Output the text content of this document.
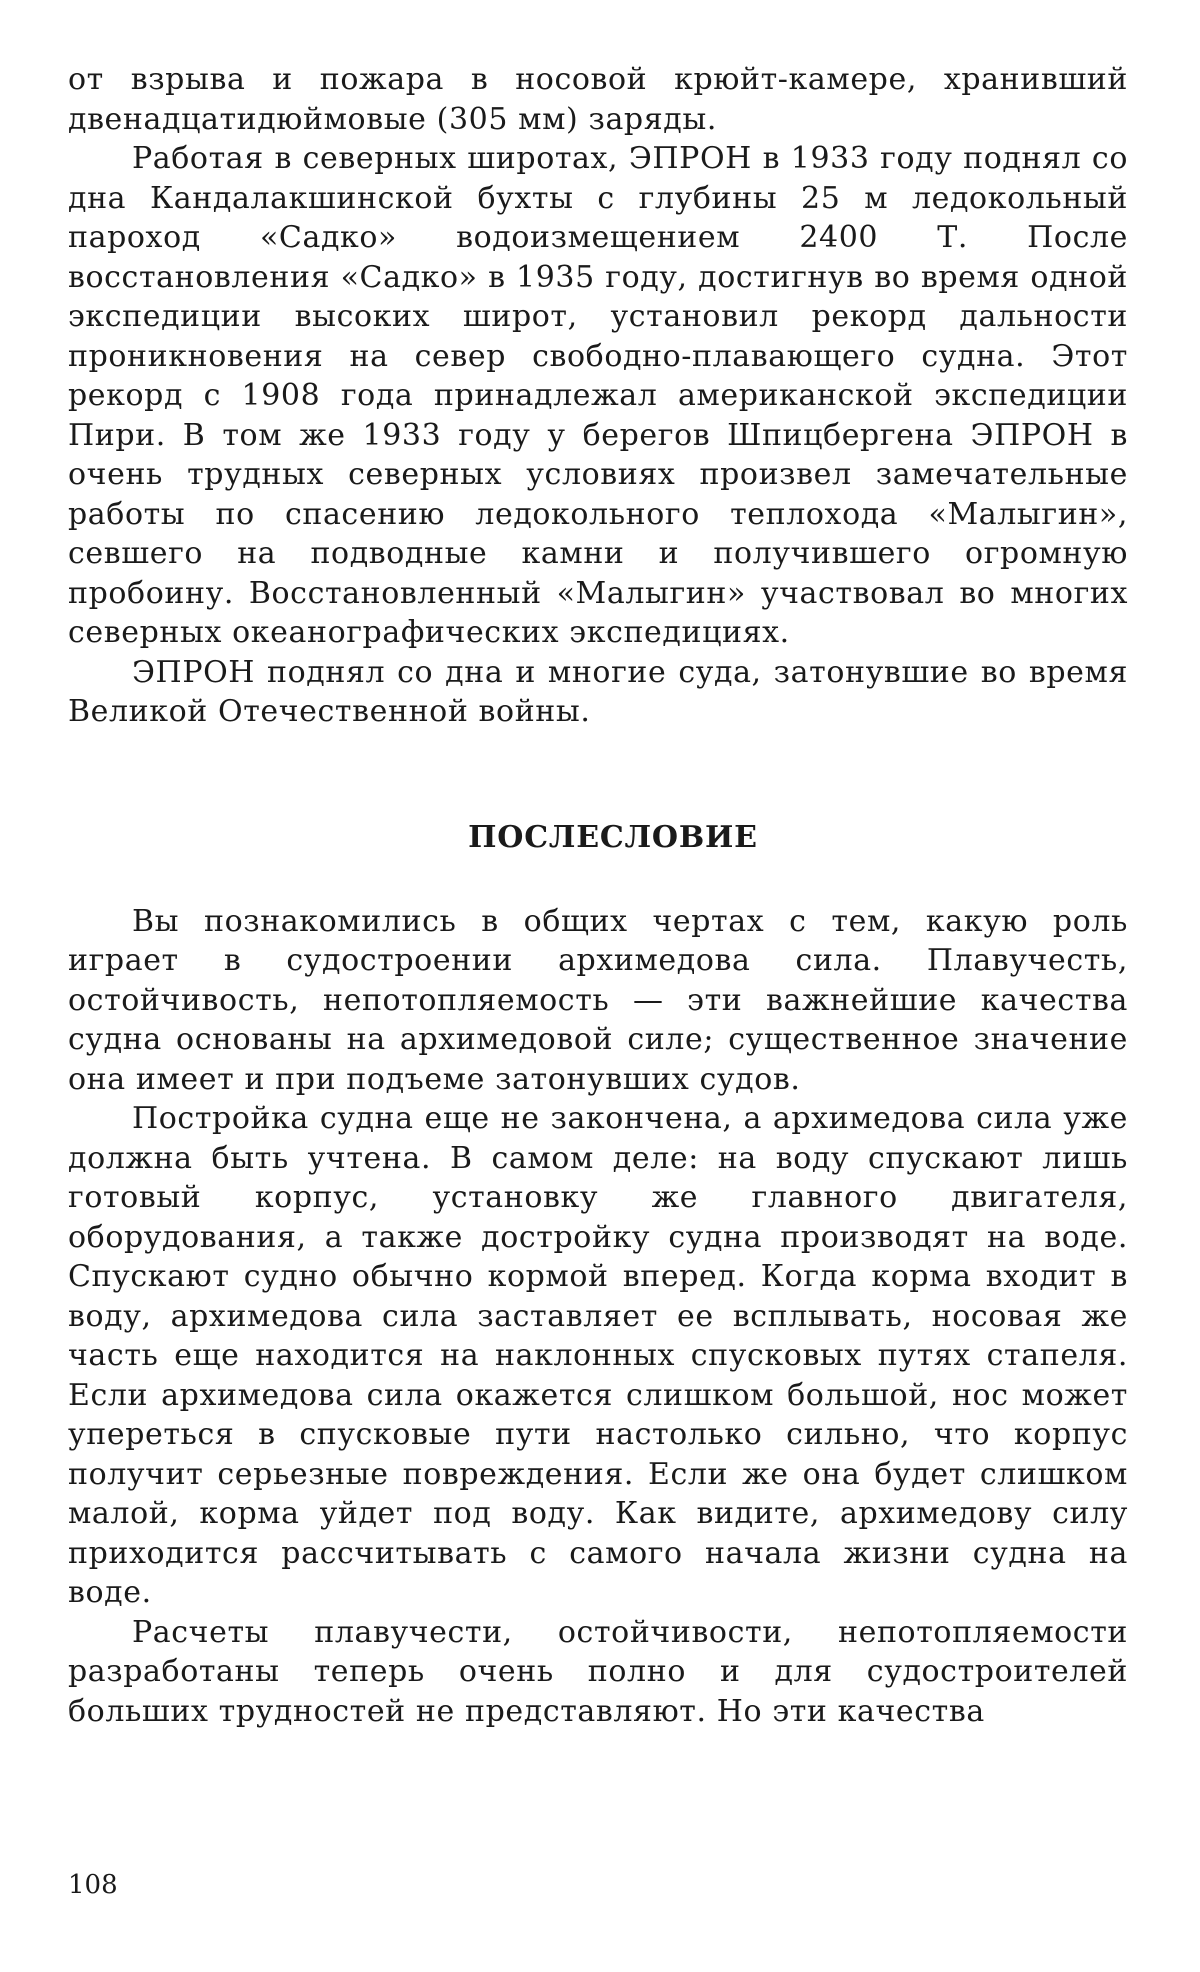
от взрыва и пожара в носовой крюйт-камере, хранивший двенадцатидюймовые (305 мм) заряды.

Работая в северных широтах, ЭПРОН в 1933 году поднял со дна Кандалакшинской бухты с глубины 25 м ледокольный пароход «Садко» водоизмещением 2400 Т. После восстановления «Садко» в 1935 году, достигнув во время одной экспедиции высоких широт, установил рекорд дальности проникновения на север свободно-плавающего судна. Этот рекорд с 1908 года принадлежал американской экспедиции Пири. В том же 1933 году у берегов Шпицбергена ЭПРОН в очень трудных северных условиях произвел замечательные работы по спасению ледокольного теплохода «Малыгин», севшего на подводные камни и получившего огромную пробоину. Восстановленный «Малыгин» участвовал во многих северных океанографических экспедициях.

ЭПРОН поднял со дна и многие суда, затонувшие во время Великой Отечественной войны.

ПОСЛЕСЛОВИЕ

Вы познакомились в общих чертах с тем, какую роль играет в судостроении архимедова сила. Плавучесть, остойчивость, непотопляемость — эти важнейшие качества судна основаны на архимедовой силе; существенное значение она имеет и при подъеме затонувших судов.

Постройка судна еще не закончена, а архимедова сила уже должна быть учтена. В самом деле: на воду спускают лишь готовый корпус, установку же главного двигателя, оборудования, а также достройку судна производят на воде. Спускают судно обычно кормой вперед. Когда корма входит в воду, архимедова сила заставляет ее всплывать, носовая же часть еще находится на наклонных спусковых путях стапеля. Если архимедова сила окажется слишком большой, нос может упереться в спусковые пути настолько сильно, что корпус получит серьезные повреждения. Если же она будет слишком малой, корма уйдет под воду. Как видите, архимедову силу приходится рассчитывать с самого начала жизни судна на воде.

Расчеты плавучести, остойчивости, непотопляемости разработаны теперь очень полно и для судостроителей больших трудностей не представляют. Но эти качества

108
